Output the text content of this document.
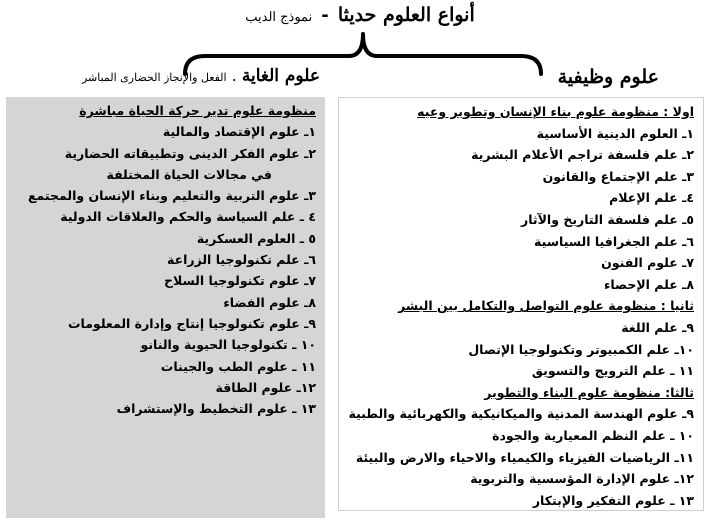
أنواع العلوم حديثا - نموذج الديب
علوم وظيفية
علوم الغاية . الفعل والإنجاز الحضارى المباشر
اولا : منظومة علوم بناء الإنسان وتطوير وعيه
١ـ العلوم الدينية الأساسية
٢ـ علم فلسفة تراجم الأعلام البشرية
٣ـ علم الإجتماع والقانون
٤ـ علم الإعلام
٥ـ علم فلسفة التاريخ والآثار
٦ـ علم الجغرافيا السياسية
٧ـ علوم الفنون
٨ـ علم الإحصاء
ثانيا : منظومة علوم التواصل والتكامل بين البشر
٩ـ علم اللغة
١٠ـ علم الكمبيوتر وتكنولوجيا الإتصال
١١ ـ علم الترويج والتسويق
ثالثا: منظومة علوم البناء والتطوير
٩ـ علوم الهندسة المدنية والميكانيكية والكهربائية والطبية
١٠ ـ علم النظم المعيارية والجودة
١١ـ الرياضيات الفيزياء والكيمياء والاحياء والارض والبيئة
١٢ـ علوم الإدارة المؤسسية والتربوية
١٣ ـ علوم التفكير والإبتكار
منظومة علوم تدير حركة الحياة مباشرة
١ـ علوم الإقتصاد والمالية
٢ـ علوم الفكر الدينى وتطبيقاته الحضارية
في مجالات الحياة المختلفة
٣ـ علوم التربية والتعليم وبناء الإنسان والمجتمع
٤ ـ علم السياسة والحكم والعلاقات الدولية
٥ ـ العلوم العسكرية
٦ـ علم تكنولوجيا الزراعة
٧ـ علوم تكنولوجيا السلاح
٨ـ علوم الفضاء
٩ـ علوم تكنولوجيا إنتاج وإدارة المعلومات
١٠ ـ تكنولوجيا الحيوية والنانو
١١ ـ علوم الطب والجينات
١٢ـ علوم الطاقة
١٣ ـ علوم التخطيط والإستشراف
